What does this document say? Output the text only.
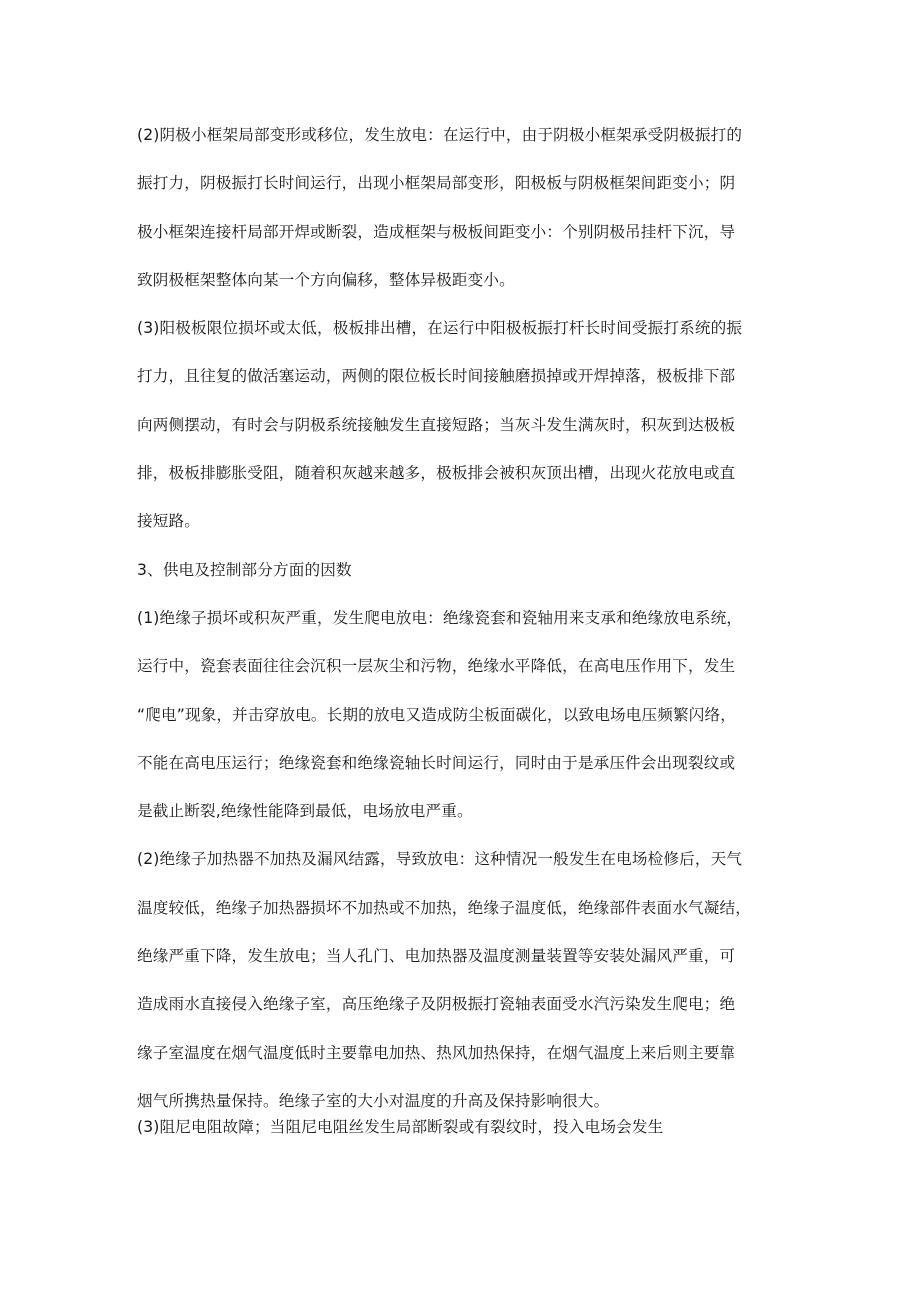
(2)阴极小框架局部变形或移位，发生放电：在运行中，由于阴极小框架承受阴极振打的
振打力，阴极振打长时间运行，出现小框架局部变形，阳极板与阴极框架间距变小；阴
极小框架连接杆局部开焊或断裂，造成框架与极板间距变小：个别阴极吊挂杆下沉，导
致阴极框架整体向某一个方向偏移，整体异极距变小。
(3)阳极板限位损坏或太低，极板排出槽，在运行中阳极板振打杆长时间受振打系统的振
打力，且往复的做活塞运动，两侧的限位板长时间接触磨损掉或开焊掉落，极板排下部
向两侧摆动，有时会与阴极系统接触发生直接短路；当灰斗发生满灰时，积灰到达极板
排，极板排膨胀受阻，随着积灰越来越多，极板排会被积灰顶出槽，出现火花放电或直
接短路。
3、供电及控制部分方面的因数
(1)绝缘子损坏或积灰严重，发生爬电放电：绝缘瓷套和瓷轴用来支承和绝缘放电系统，
运行中，瓷套表面往往会沉积一层灰尘和污物，绝缘水平降低，在高电压作用下，发生
“爬电”现象，并击穿放电。长期的放电又造成防尘板面碳化，以致电场电压频繁闪络，
不能在高电压运行；绝缘瓷套和绝缘瓷轴长时间运行，同时由于是承压件会出现裂纹或
是截止断裂,绝缘性能降到最低，电场放电严重。
(2)绝缘子加热器不加热及漏风结露，导致放电：这种情况一般发生在电场检修后，天气
温度较低，绝缘子加热器损坏不加热或不加热，绝缘子温度低，绝缘部件表面水气凝结，
绝缘严重下降，发生放电；当人孔门、电加热器及温度测量装置等安装处漏风严重，可
造成雨水直接侵入绝缘子室，高压绝缘子及阴极振打瓷轴表面受水汽污染发生爬电；绝
缘子室温度在烟气温度低时主要靠电加热、热风加热保持，在烟气温度上来后则主要靠
烟气所携热量保持。绝缘子室的大小对温度的升高及保持影响很大。
(3)阻尼电阻故障；当阻尼电阻丝发生局部断裂或有裂纹时，投入电场会发生
